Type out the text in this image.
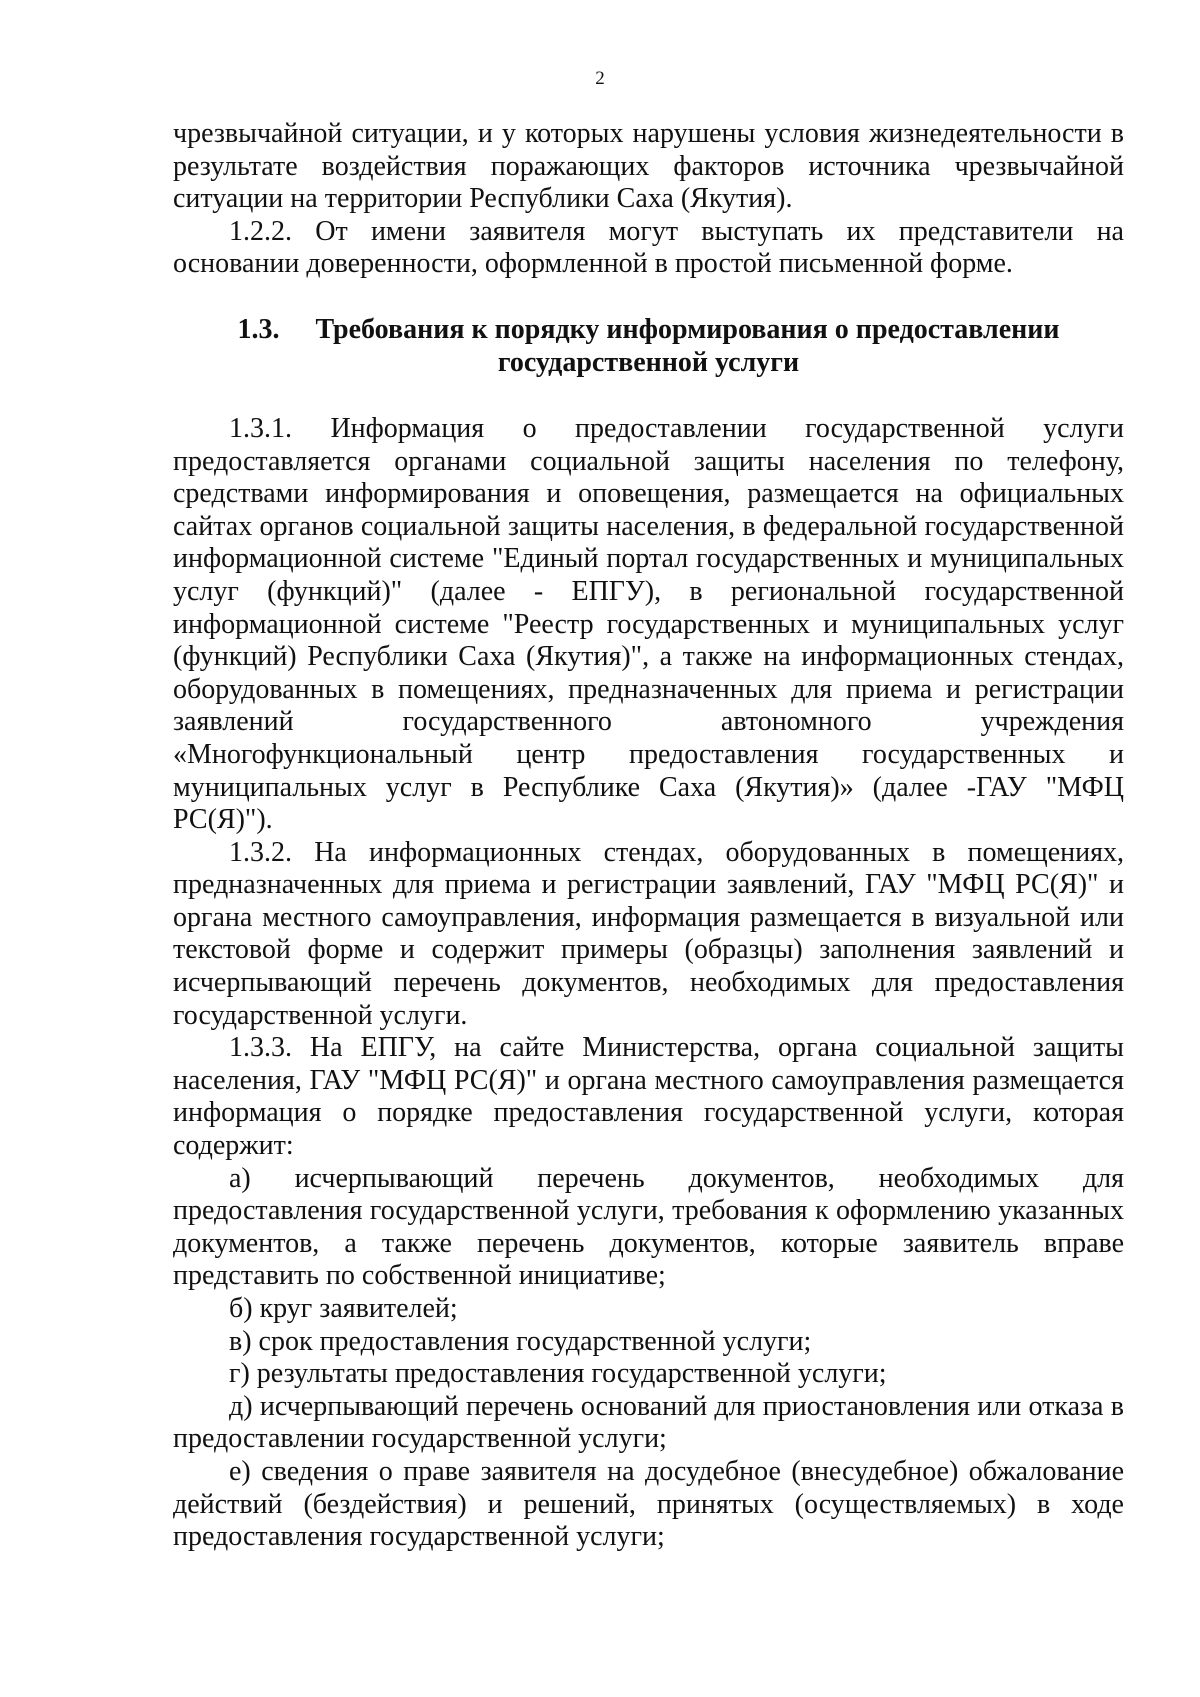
2

чрезвычайной ситуации, и у которых нарушены условия жизнедеятельности в результате воздействия поражающих факторов источника чрезвычайной ситуации на территории Республики Саха (Якутия).

1.2.2. От имени заявителя могут выступать их представители на основании доверенности, оформленной в простой письменной форме.

1.3. Требования к порядку информирования о предоставлении
государственной услуги

1.3.1. Информация о предоставлении государственной услуги предоставляется органами социальной защиты населения по телефону, средствами информирования и оповещения, размещается на официальных сайтах органов социальной защиты населения, в федеральной государственной информационной системе "Единый портал государственных и муниципальных услуг (функций)" (далее - ЕПГУ), в региональной государственной информационной системе "Реестр государственных и муниципальных услуг (функций) Республики Саха (Якутия)", а также на информационных стендах, оборудованных в помещениях, предназначенных для приема и регистрации заявлений государственного автономного учреждения «Многофункциональный центр предоставления государственных и муниципальных услуг в Республике Саха (Якутия)» (далее -ГАУ "МФЦ РС(Я)").

1.3.2. На информационных стендах, оборудованных в помещениях, предназначенных для приема и регистрации заявлений, ГАУ "МФЦ РС(Я)" и органа местного самоуправления, информация размещается в визуальной или текстовой форме и содержит примеры (образцы) заполнения заявлений и исчерпывающий перечень документов, необходимых для предоставления государственной услуги.

1.3.3. На ЕПГУ, на сайте Министерства, органа социальной защиты населения, ГАУ "МФЦ РС(Я)" и органа местного самоуправления размещается информация о порядке предоставления государственной услуги, которая содержит:

а) исчерпывающий перечень документов, необходимых для предоставления государственной услуги, требования к оформлению указанных документов, а также перечень документов, которые заявитель вправе представить по собственной инициативе;

б) круг заявителей;

в) срок предоставления государственной услуги;

г) результаты предоставления государственной услуги;

д) исчерпывающий перечень оснований для приостановления или отказа в предоставлении государственной услуги;

е) сведения о праве заявителя на досудебное (внесудебное) обжалование действий (бездействия) и решений, принятых (осуществляемых) в ходе предоставления государственной услуги;
